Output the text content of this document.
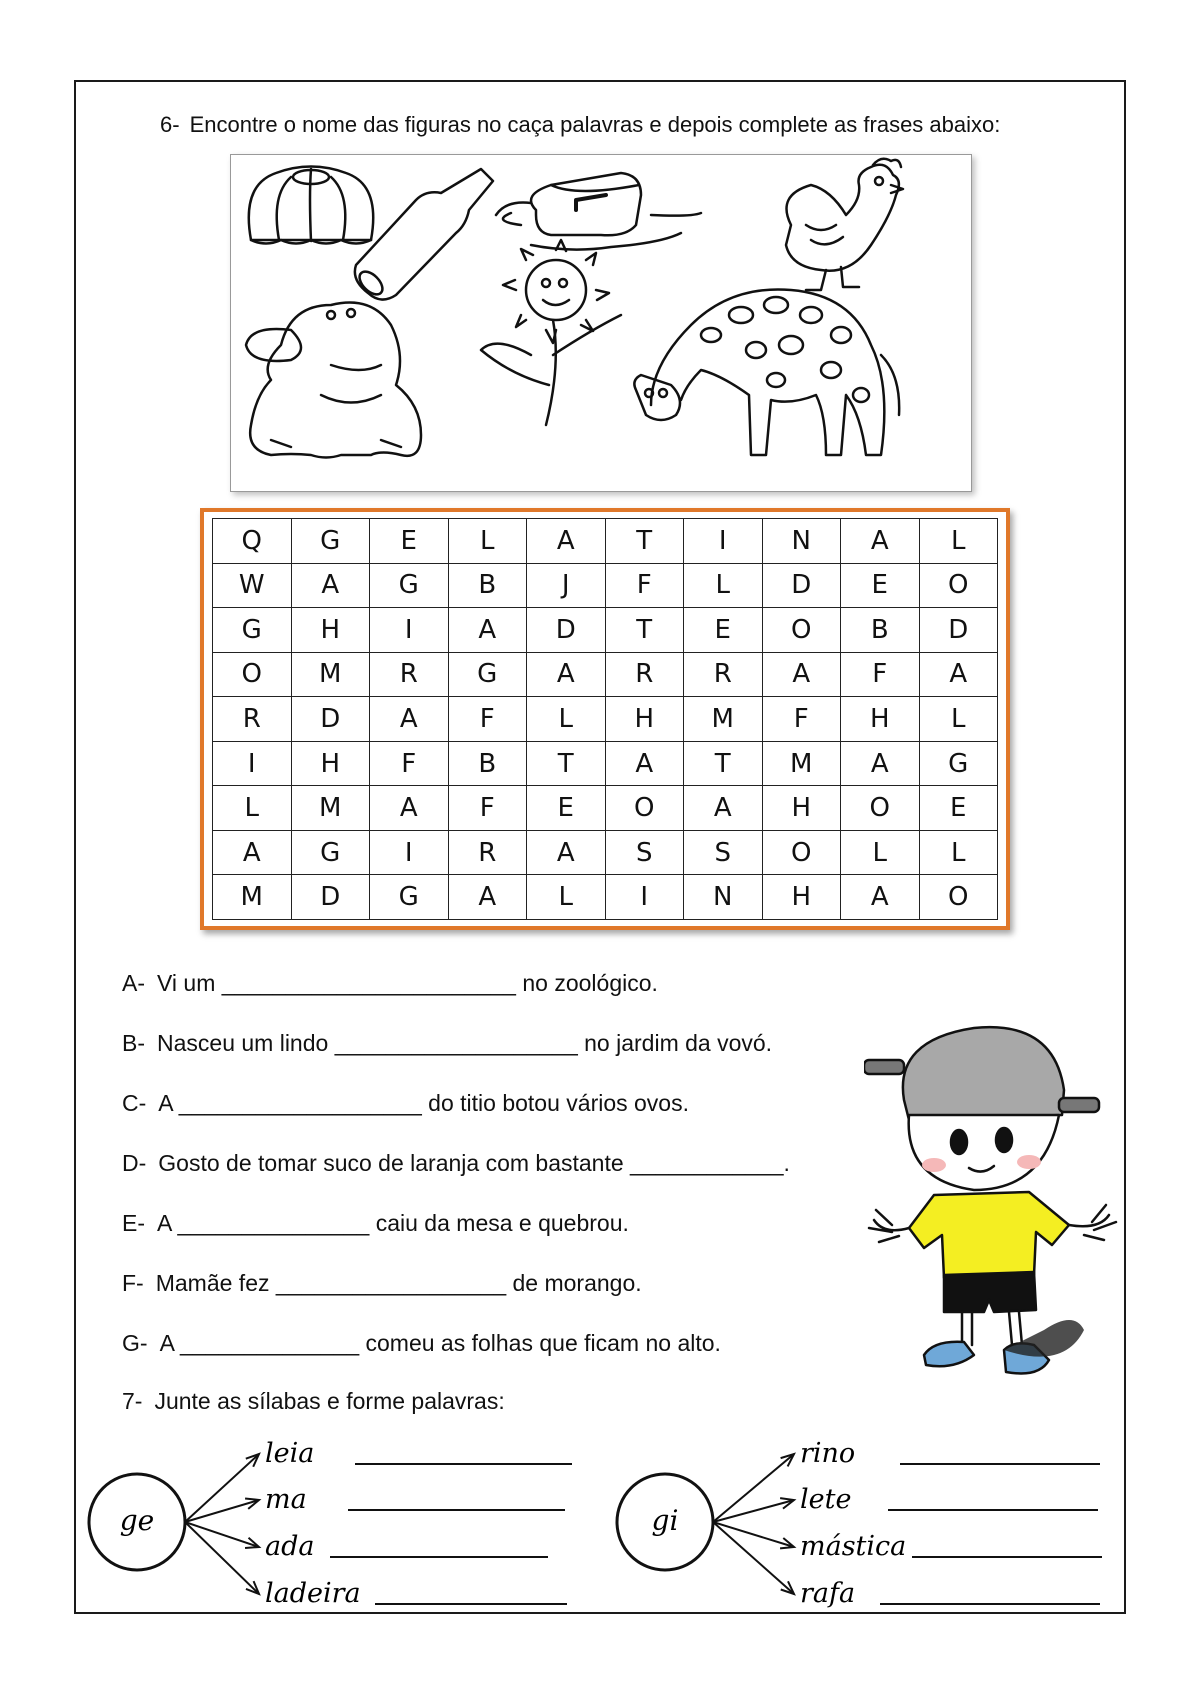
6- Encontre o nome das figuras no caça palavras e depois complete as frases abaixo:
Q	G	E	L	A	T	I	N	A	L
W	A	G	B	J	F	L	D	E	O
G	H	I	A	D	T	E	O	B	D
O	M	R	G	A	R	R	A	F	A
R	D	A	F	L	H	M	F	H	L
I	H	F	B	T	A	T	M	A	G
L	M	A	F	E	O	A	H	O	E
A	G	I	R	A	S	S	O	L	L
M	D	G	A	L	I	N	H	A	O
A- Vi um _______________________ no zoológico.
B- Nasceu um lindo ___________________ no jardim da vovó.
C- A ___________________ do titio botou vários ovos.
D- Gosto de tomar suco de laranja com bastante ____________.
E- A _______________ caiu da mesa e quebrou.
F- Mamãe fez __________________ de morango.
G- A ______________ comeu as folhas que ficam no alto.
7- Junte as sílabas e forme palavras:
ge
leia
ma
ada
ladeira
gi
rino
lete
mástica
rafa
